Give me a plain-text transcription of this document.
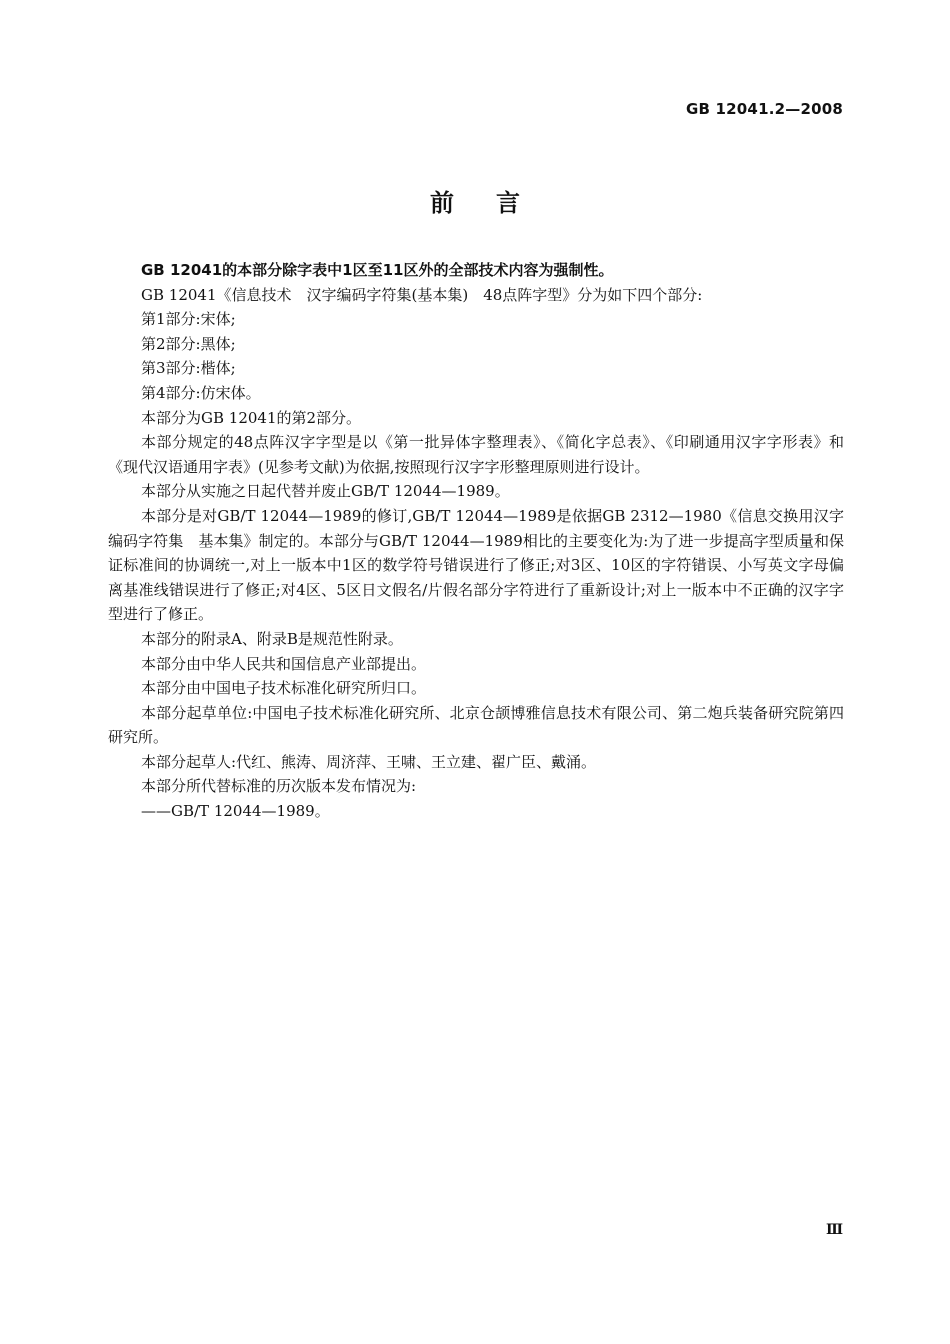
GB 12041.2—2008
前言

GB 12041的本部分除字表中1区至11区外的全部技术内容为强制性。

GB 12041《信息技术　汉字编码字符集(基本集)　48点阵字型》分为如下四个部分:

第1部分:宋体;

第2部分:黑体;

第3部分:楷体;

第4部分:仿宋体。

本部分为GB 12041的第2部分。

本部分规定的48点阵汉字字型是以《第一批异体字整理表》、《简化字总表》、《印刷通用汉字字形表》和《现代汉语通用字表》(见参考文献)为依据,按照现行汉字字形整理原则进行设计。

本部分从实施之日起代替并废止GB/T 12044—1989。

本部分是对GB/T 12044—1989的修订,GB/T 12044—1989是依据GB 2312—1980《信息交换用汉字编码字符集　基本集》制定的。本部分与GB/T 12044—1989相比的主要变化为:为了进一步提高字型质量和保证标准间的协调统一,对上一版本中1区的数学符号错误进行了修正;对3区、10区的字符错误、小写英文字母偏离基准线错误进行了修正;对4区、5区日文假名/片假名部分字符进行了重新设计;对上一版本中不正确的汉字字型进行了修正。

本部分的附录A、附录B是规范性附录。

本部分由中华人民共和国信息产业部提出。

本部分由中国电子技术标准化研究所归口。

本部分起草单位:中国电子技术标准化研究所、北京仓颉博雅信息技术有限公司、第二炮兵装备研究院第四研究所。

本部分起草人:代红、熊涛、周济萍、王啸、王立建、翟广臣、戴涌。

本部分所代替标准的历次版本发布情况为:

——GB/T 12044—1989。

Ⅲ
